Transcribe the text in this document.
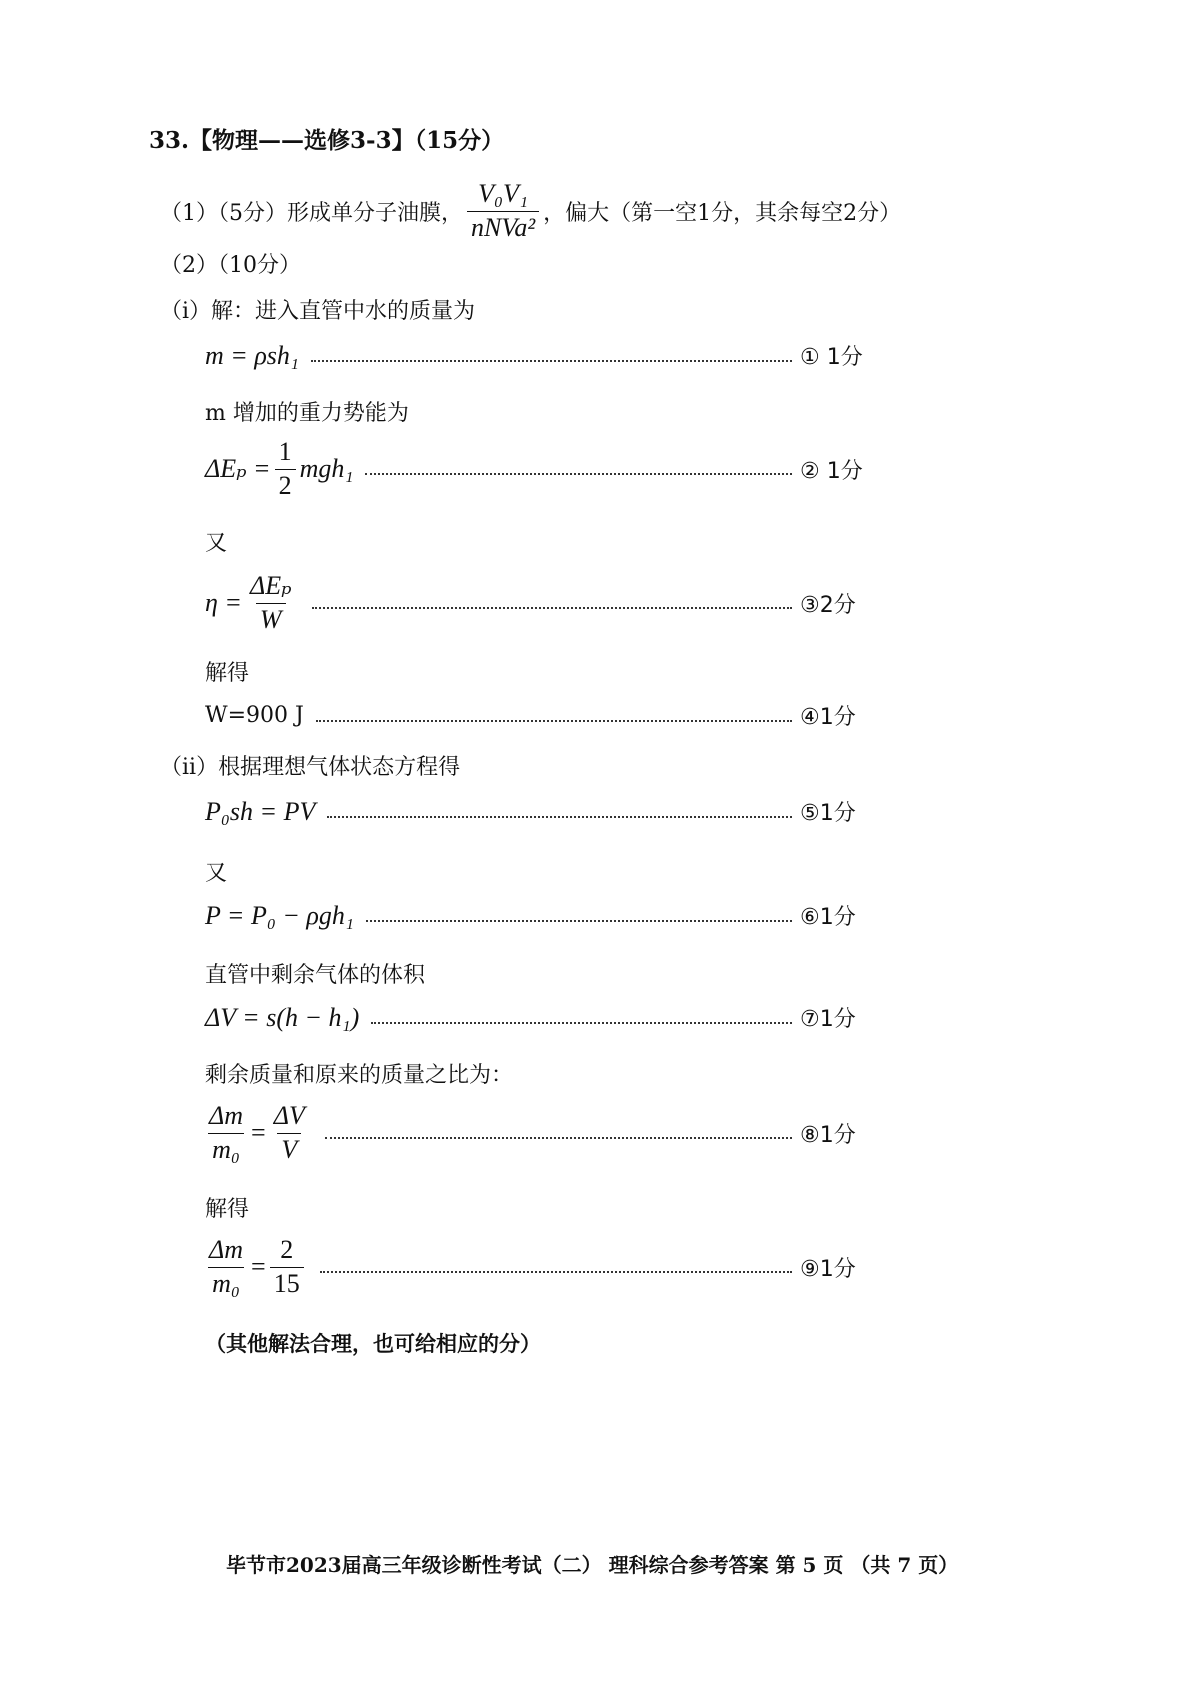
33.【物理——选修3-3】（15分）
（1）（5分）形成单分子油膜， $\frac{\text{V₀V₁}}{\text{nNVa²}}$ ，偏大（第一空1分，其余每空2分）
（2）（10分）
（i）解：进入直管中水的质量为
m = ρsh₁	① 1分
m 增加的重力势能为
$\Delta E_p = \frac{1}{2} mgh_1$	② 1分
又
$\eta = \frac{\text{ΔEₚ}}{W}$	③2分
解得
W=900 J	④1分
（ii）根据理想气体状态方程得
P₀sh = PV	⑤1分
又
P = P₀ − ρgh₁	⑥1分
直管中剩余气体的体积
ΔV = s(h − h₁)	⑦1分
剩余质量和原来的质量之比为：
$\frac{\Delta m}{\text{m₀}} = \frac{\Delta V}{V}$	⑧1分
解得
$\frac{\Delta m}{\text{m₀}} = \frac{2}{15}$	⑨1分
（其他解法合理，也可给相应的分）
毕节市2023届高三年级诊断性考试（二） 理科综合参考答案 第 5 页 （共 7 页）
